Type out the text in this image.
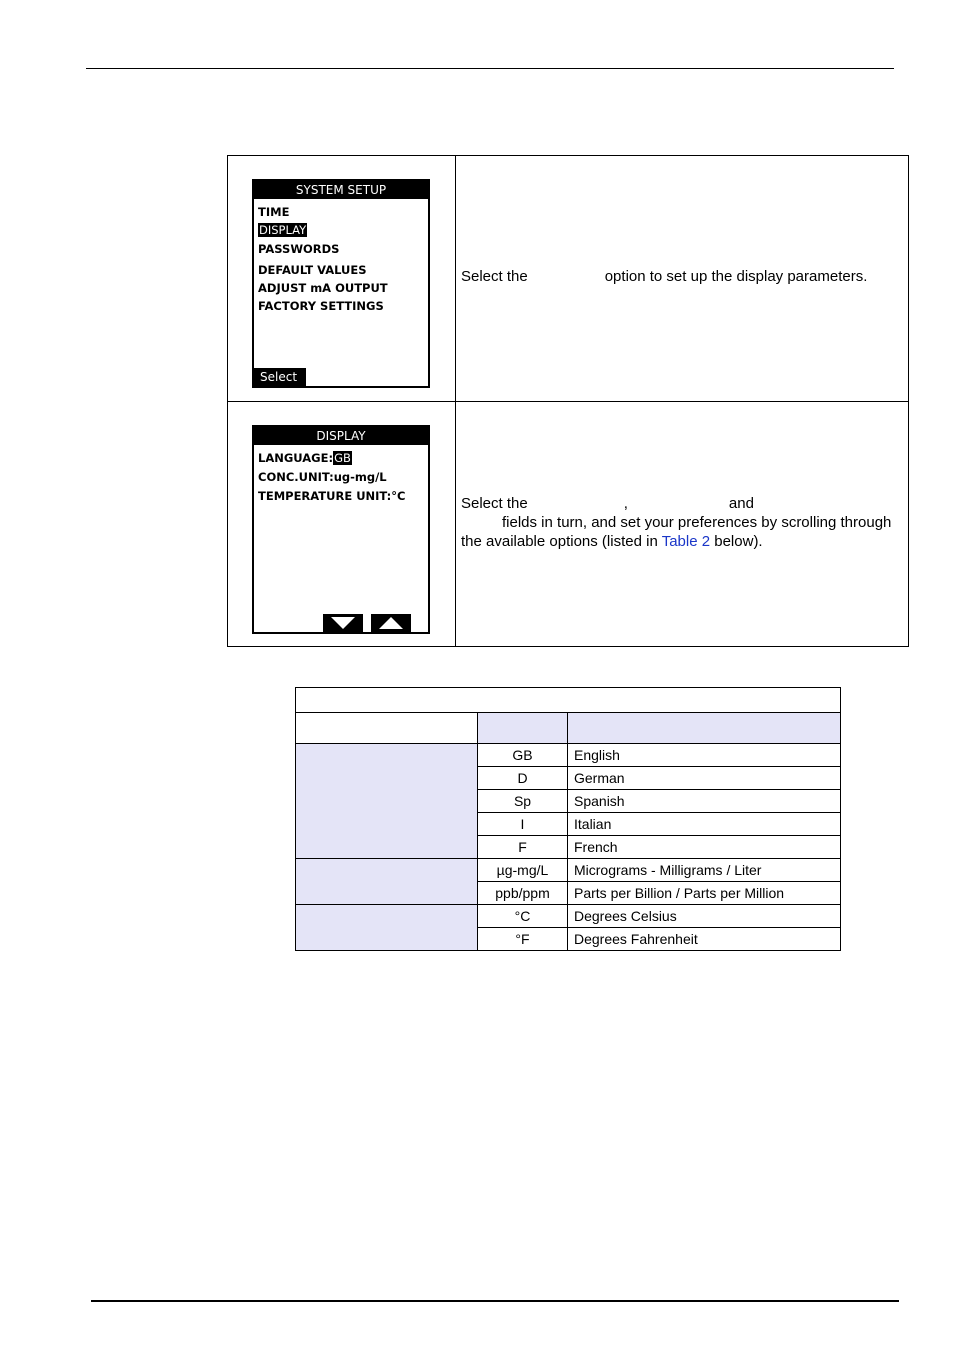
SYSTEM SETUP
TIME
DISPLAY
PASSWORDS
DEFAULT VALUES
ADJUST mA OUTPUT
FACTORY SETTINGS
Select
Select the	option to set up the display parameters.
DISPLAY
LANGUAGE:GB
CONC.UNIT:ug-mg/L
TEMPERATURE UNIT:°C	Select the	,	and
fields in turn, and set your preferences by scrolling through the available options (listed in Table 2 below).

	GB	English
	D	German
	Sp	Spanish
	I	Italian
	F	French
	µg-mg/L	Micrograms - Milligrams / Liter
	ppb/ppm	Parts per Billion / Parts per Million
	°C	Degrees Celsius
	°F	Degrees Fahrenheit
